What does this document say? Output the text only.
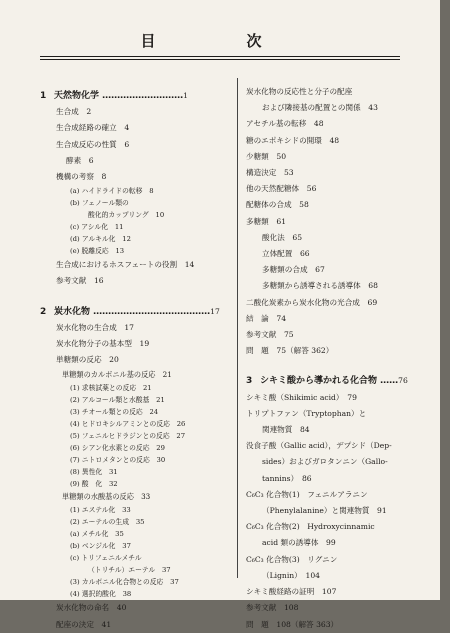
目　次
1 天然物化学 ………………………1
生合成　2
生合成経路の確立　4
生合成反応の性質　6
酵素　6
機構の考察　8
(a) ハイドライドの転移　8
(b) フェノール類の
酸化的カップリング　10
(c) アシル化　11
(d) アルキル化　12
(e) 脱離反応　13
生合成におけるホスフェートの役割　14
参考文献　16
2 炭水化物 …………………………………17
炭水化物の生合成　17
炭水化物分子の基本型　19
単糖類の反応　20
単糖類のカルボニル基の反応　21
(1) 求核試薬との反応　21
(2) アルコール類と水酸基　21
(3) チオール類との反応　24
(4) ヒドロキシルアミンとの反応　26
(5) フェニルヒドラジンとの反応　27
(6) シアン化水素との反応　29
(7) ニトロメタンとの反応　30
(8) 異性化　31
(9) 酸　化　32
単糖類の水酸基の反応　33
(1) エステル化　33
(2) エーテルの生成　35
(a) メチル化　35
(b) ベンジル化　37
(c) トリフェニルメチル
（トリチル）エーテル　37
(3) カルボニル化合物との反応　37
(4) 選択的酸化　38
炭水化物の命名　40
配座の決定　41
炭水化物の反応性と分子の配座
および隣接基の配置との関係　43
アセチル基の転移　48
糖のエポキシドの開環　48
少糖類　50
構造決定　53
他の天然配糖体　56
配糖体の合成　58
多糖類　61
酸化法　65
立体配置　66
多糖類の合成　67
多糖類から誘導される誘導体　68
二酸化炭素から炭水化物の光合成　69
結　論　74
参考文献　75
問　題　75（解答 362）
3 シキミ酸から導かれる化合物 ……76
シキミ酸（Shikimic acid）　79
トリプトファン（Tryptophan）と
関連物質　84
没食子酸（Gallic acid），デプシド（Dep-
sides）およびガロタンニン（Gallo-
tannins）　86
C₆C₃ 化合物(1)　フェニルアラニン
（Phenylalanine）と関連物質　91
C₆C₃ 化合物(2)　Hydroxycinnamic
acid 類の誘導体　99
C₆C₃ 化合物(3)　リグニン
（Lignin）　104
シキミ酸経路の証明　107
参考文献　108
問　題　108（解答 363）
